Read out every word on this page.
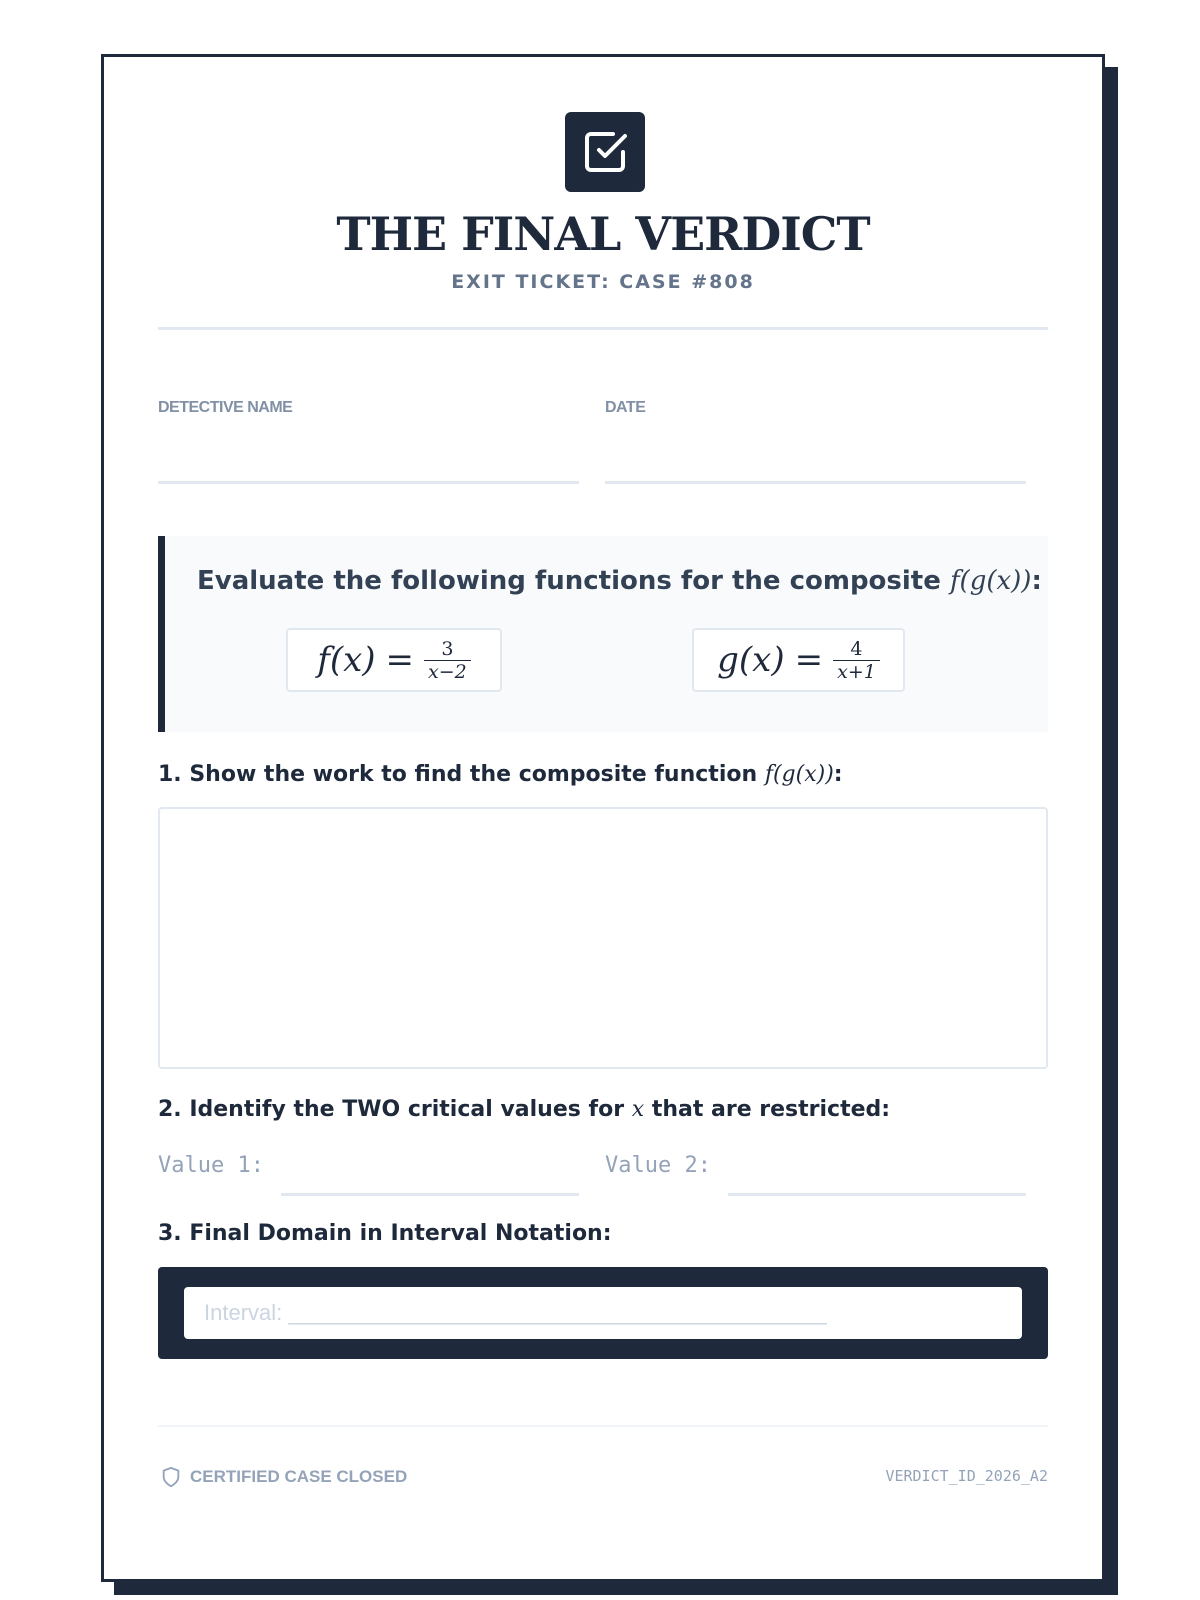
THE FINAL VERDICT
EXIT TICKET: CASE #808
DETECTIVE NAME	DATE
Evaluate the following functions for the composite f(g(x)):
$f(x) = \frac{3}{x-2}$	$g(x) = \frac{4}{x+1}$
1. Show the work to find the composite function f(g(x)):
2. Identify the TWO critical values for x that are restricted:
Value 1:	Value 2:
3. Final Domain in Interval Notation:
Interval: ____________________________________________
CERTIFIED CASE CLOSED	VERDICT_ID_2026_A2
